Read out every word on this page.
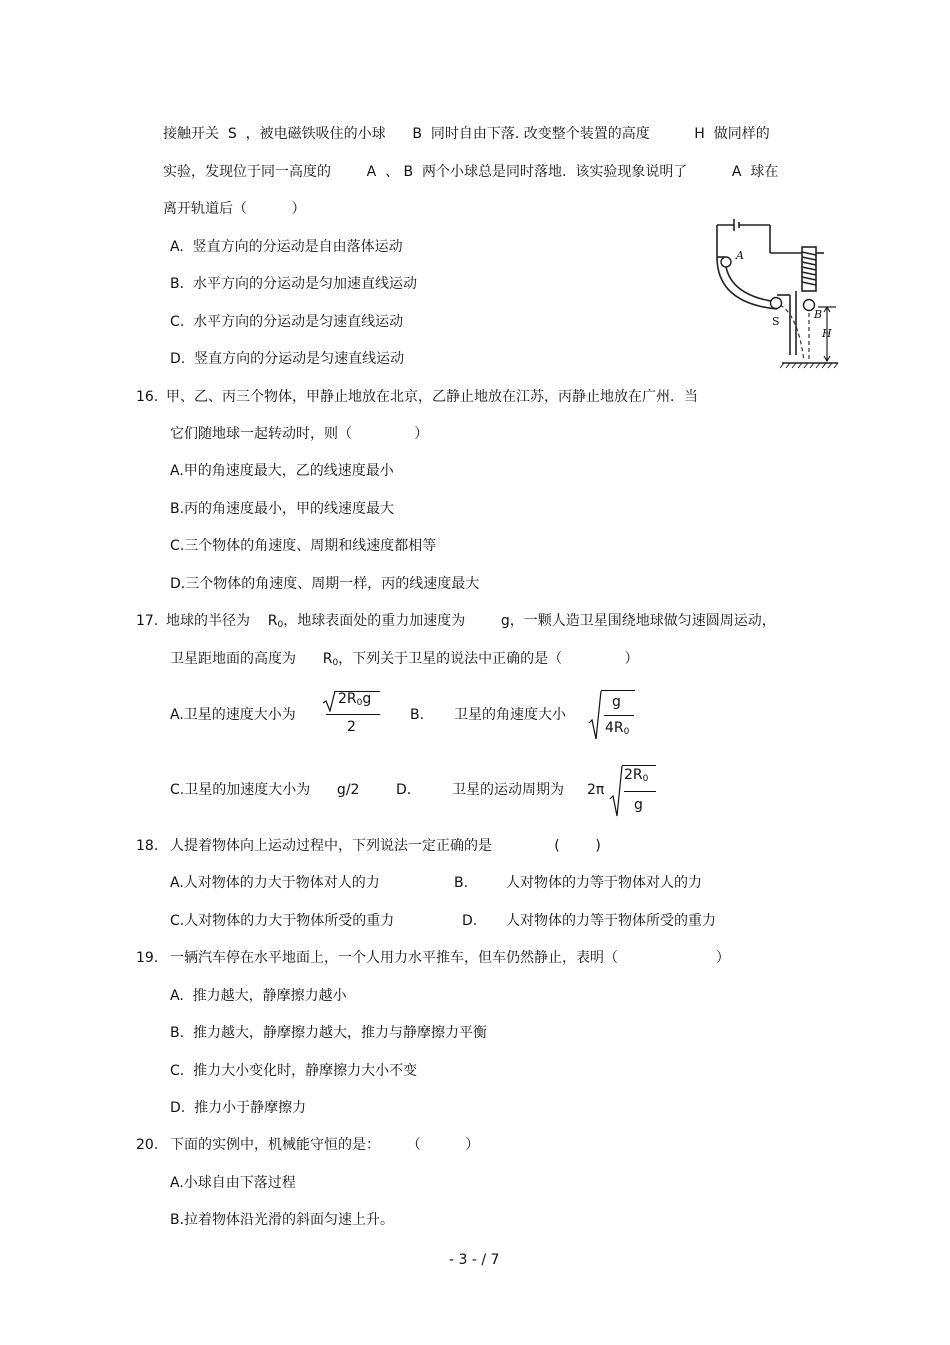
接触开关  S  ，被电磁铁吸住的小球      B  同时自由下落. 改变整个装置的高度          H  做同样的
实验，发现位于同一高度的        A  、 B  两个小球总是同时落地.  该实验现象说明了          A  球在
离开轨道后（          ）
A.  竖直方向的分运动是自由落体运动
B.  水平方向的分运动是匀加速直线运动
C.  水平方向的分运动是匀速直线运动
D.  竖直方向的分运动是匀速直线运动
A
B
S
H
16. 甲、乙、丙三个物体，甲静止地放在北京，乙静止地放在江苏，丙静止地放在广州．当
它们随地球一起转动时，则（              ）
A.甲的角速度最大，乙的线速度最小
B.丙的角速度最小，甲的线速度最大
C.三个物体的角速度、周期和线速度都相等
D.三个物体的角速度、周期一样，丙的线速度最大
17. 地球的半径为    $R_0$，地球表面处的重力加速度为        g，一颗人造卫星围绕地球做匀速圆周运动，
卫星距地面的高度为      $R_0$，下列关于卫星的说法中正确的是（              ）
A.卫星的速度大小为
$2R_0g$
2
B. 卫星的角速度大小
g
$4R_0$
C.卫星的加速度大小为      g/2	D.	卫星的运动周期为 2π
$2R_0$
g
18. 人提着物体向上运动过程中，下列说法一定正确的是              (        )
A.人对物体的力大于物体对人的力	B.	人对物体的力等于物体对人的力
C.人对物体的力大于物体所受的重力	D. 人对物体的力等于物体所受的重力
19. 一辆汽车停在水平地面上，一个人用力水平推车，但车仍然静止，表明（                      ）
A.  推力越大，静摩擦力越小
B.  推力越大，静摩擦力越大，推力与静摩擦力平衡
C.  推力大小变化时，静摩擦力大小不变
D.  推力小于静摩擦力
20. 下面的实例中，机械能守恒的是：      （          ）
A.小球自由下落过程
B.拉着物体沿光滑的斜面匀速上升。
- 3 - / 7
